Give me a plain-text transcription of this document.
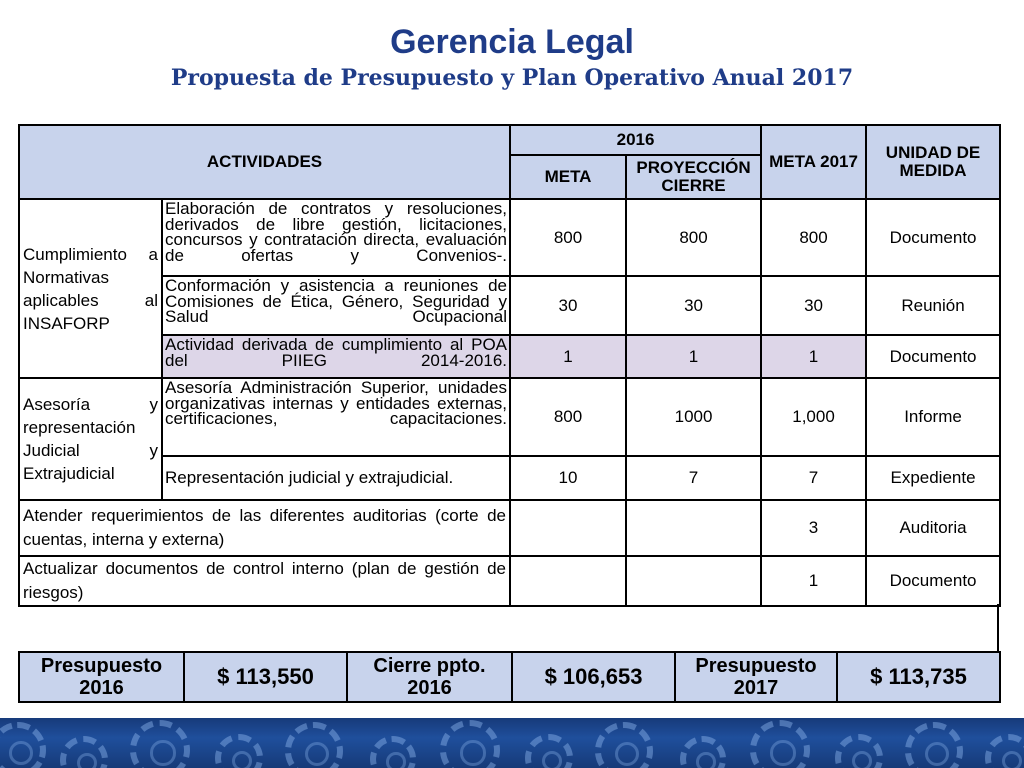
Gerencia Legal
Propuesta de Presupuesto y Plan Operativo Anual 2017
ACTIVIDADES		2016		META 2017	UNIDAD DE MEDIDA
		META	PROYECCIÓN CIERRE		
Cumplimiento a Normativas aplicables al INSAFORP	Elaboración de contratos y resoluciones, derivados de libre gestión, licitaciones, concursos y contratación directa, evaluación de ofertas y Convenios-.	800	800	800	Documento
	Conformación y asistencia a reuniones de Comisiones de Ética, Género, Seguridad y Salud Ocupacional	30	30	30	Reunión
	Actividad derivada de cumplimiento al POA del PIIEG 2014-2016.	1	1	1	Documento
Asesoría y representación Judicial y Extrajudicial	Asesoría Administración Superior, unidades organizativas internas y entidades externas, certificaciones, capacitaciones.	800	1000	1,000	Informe
	Representación judicial y extrajudicial.	10	7	7	Expediente
Atender requerimientos de las diferentes auditorias (corte de cuentas, interna y externa)				3	Auditoria
Actualizar documentos de control interno (plan de gestión de riesgos)				1	Documento
Presupuesto 2016	$ 113,550	Cierre ppto. 2016	$ 106,653	Presupuesto 2017	$ 113,735
